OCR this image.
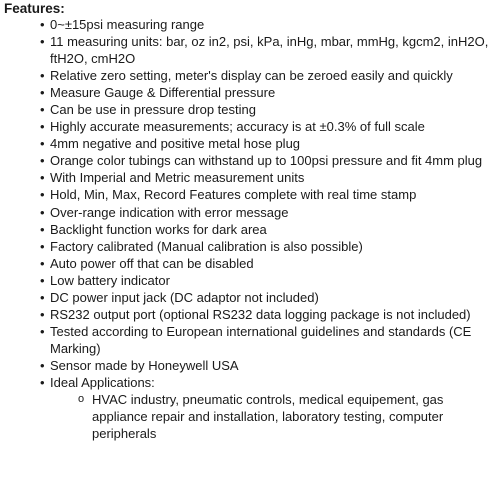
Features:
• 0~±15psi measuring range
• 11 measuring units: bar, oz in2, psi, kPa, inHg, mbar, mmHg, kgcm2, inH2O, ftH2O, cmH2O
• Relative zero setting, meter's display can be zeroed easily and quickly
• Measure Gauge & Differential pressure
• Can be use in pressure drop testing
• Highly accurate measurements; accuracy is at ±0.3% of full scale
• 4mm negative and positive metal hose plug
• Orange color tubings can withstand up to 100psi pressure and fit 4mm plug
• With Imperial and Metric measurement units
• Hold, Min, Max, Record Features complete with real time stamp
• Over-range indication with error message
• Backlight function works for dark area
• Factory calibrated (Manual calibration is also possible)
• Auto power off that can be disabled
• Low battery indicator
• DC power input jack (DC adaptor not included)
• RS232 output port (optional RS232 data logging package is not included)
• Tested according to European international guidelines and standards (CE Marking)
• Sensor made by Honeywell USA
• Ideal Applications:
o HVAC industry, pneumatic controls, medical equipement, gas appliance repair and installation, laboratory testing, computer peripherals
